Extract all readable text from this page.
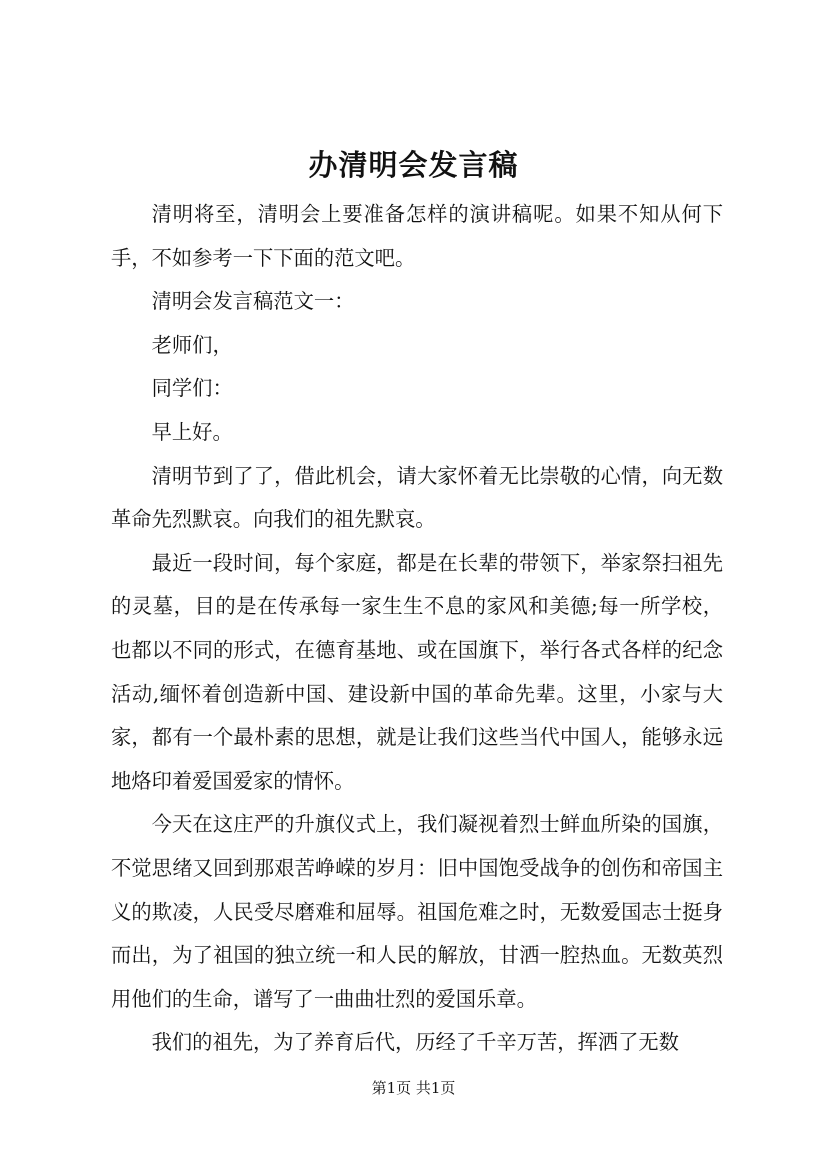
办清明会发言稿

清明将至，清明会上要准备怎样的演讲稿呢。如果不知从何下手，不如参考一下下面的范文吧。

清明会发言稿范文一：

老师们，

同学们：

早上好。

清明节到了了，借此机会，请大家怀着无比崇敬的心情，向无数革命先烈默哀。向我们的祖先默哀。

最近一段时间，每个家庭，都是在长辈的带领下，举家祭扫祖先的灵墓，目的是在传承每一家生生不息的家风和美德;每一所学校，也都以不同的形式，在德育基地、或在国旗下，举行各式各样的纪念活动,缅怀着创造新中国、建设新中国的革命先辈。这里，小家与大家，都有一个最朴素的思想，就是让我们这些当代中国人，能够永远地烙印着爱国爱家的情怀。

今天在这庄严的升旗仪式上，我们凝视着烈士鲜血所染的国旗，不觉思绪又回到那艰苦峥嵘的岁月：旧中国饱受战争的创伤和帝国主义的欺凌，人民受尽磨难和屈辱。祖国危难之时，无数爱国志士挺身而出，为了祖国的独立统一和人民的解放，甘洒一腔热血。无数英烈用他们的生命，谱写了一曲曲壮烈的爱国乐章。

我们的祖先，为了养育后代，历经了千辛万苦，挥洒了无数

第1页 共1页
